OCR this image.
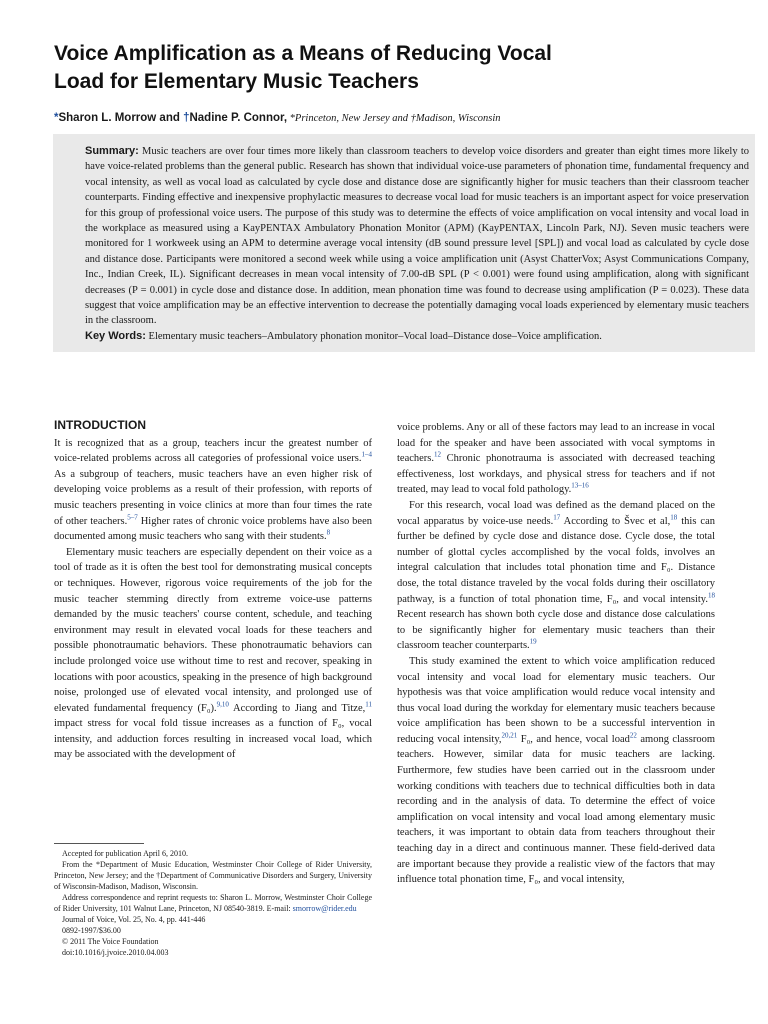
Voice Amplification as a Means of Reducing Vocal
Load for Elementary Music Teachers
*Sharon L. Morrow and †Nadine P. Connor, *Princeton, New Jersey and †Madison, Wisconsin

Summary: Music teachers are over four times more likely than classroom teachers to develop voice disorders and greater than eight times more likely to have voice-related problems than the general public. Research has shown that individual voice-use parameters of phonation time, fundamental frequency and vocal intensity, as well as vocal load as calculated by cycle dose and distance dose are significantly higher for music teachers than their classroom teacher counterparts. Finding effective and inexpensive prophylactic measures to decrease vocal load for music teachers is an important aspect for voice preservation for this group of professional voice users. The purpose of this study was to determine the effects of voice amplification on vocal intensity and vocal load in the workplace as measured using a KayPENTAX Ambulatory Phonation Monitor (APM) (KayPENTAX, Lincoln Park, NJ). Seven music teachers were monitored for 1 workweek using an APM to determine average vocal intensity (dB sound pressure level [SPL]) and vocal load as calculated by cycle dose and distance dose. Participants were monitored a second week while using a voice amplification unit (Asyst ChatterVox; Asyst Communications Company, Inc., Indian Creek, IL). Significant decreases in mean vocal intensity of 7.00-dB SPL (P < 0.001) were found using amplification, along with significant decreases (P = 0.001) in cycle dose and distance dose. In addition, mean phonation time was found to decrease using amplification (P = 0.023). These data suggest that voice amplification may be an effective intervention to decrease the potentially damaging vocal loads experienced by elementary music teachers in the classroom.

Key Words: Elementary music teachers–Ambulatory phonation monitor–Vocal load–Distance dose–Voice amplification.

INTRODUCTION

It is recognized that as a group, teachers incur the greatest number of voice-related problems across all categories of professional voice users.$^{1-4}$ As a subgroup of teachers, music teachers have an even higher risk of developing voice problems as a result of their profession, with reports of music teachers presenting in voice clinics at more than four times the rate of other teachers.$^{5-7}$ Higher rates of chronic voice problems have also been documented among music teachers who sang with their students.$^8$

Elementary music teachers are especially dependent on their voice as a tool of trade as it is often the best tool for demonstrating musical concepts or techniques. However, rigorous voice requirements of the job for the music teacher stemming directly from extreme voice-use patterns demanded by the music teachers' course content, schedule, and teaching environment may result in elevated vocal loads for these teachers and possible phonotraumatic behaviors. These phonotraumatic behaviors can include prolonged voice use without time to rest and recover, speaking in locations with poor acoustics, speaking in the presence of high background noise, prolonged use of elevated vocal intensity, and prolonged use of elevated fundamental frequency (F₀).$^{9,10}$ According to Jiang and Titze,$^{11}$ impact stress for vocal fold tissue increases as a function of F₀, vocal intensity, and adduction forces resulting in increased vocal load, which may be associated with the development of

voice problems. Any or all of these factors may lead to an increase in vocal load for the speaker and have been associated with vocal symptoms in teachers.$^{12}$ Chronic phonotrauma is associated with decreased teaching effectiveness, lost workdays, and physical stress for teachers and if not treated, may lead to vocal fold pathology.$^{13-16}$

For this research, vocal load was defined as the demand placed on the vocal apparatus by voice-use needs.$^{17}$ According to Švec et al,$^{18}$ this can further be defined by cycle dose and distance dose. Cycle dose, the total number of glottal cycles accomplished by the vocal folds, involves an integral calculation that includes total phonation time and F₀. Distance dose, the total distance traveled by the vocal folds during their oscillatory pathway, is a function of total phonation time, F₀, and vocal intensity.$^{18}$ Recent research has shown both cycle dose and distance dose calculations to be significantly higher for elementary music teachers than their classroom teacher counterparts.$^{19}$

This study examined the extent to which voice amplification reduced vocal intensity and vocal load for elementary music teachers. Our hypothesis was that voice amplification would reduce vocal intensity and thus vocal load during the workday for elementary music teachers because voice amplification has been shown to be a successful intervention in reducing vocal intensity,$^{20,21}$ F₀, and hence, vocal load$^{22}$ among classroom teachers. However, similar data for music teachers are lacking. Furthermore, few studies have been carried out in the classroom under working conditions with teachers due to technical difficulties both in data recording and in the analysis of data. To determine the effect of voice amplification on vocal intensity and vocal load among elementary music teachers, it was important to obtain data from teachers throughout their teaching day in a direct and continuous manner. These field-derived data are important because they provide a realistic view of the factors that may influence total phonation time, F₀, and vocal intensity,

Accepted for publication April 6, 2010.

From the *Department of Music Education, Westminster Choir College of Rider University, Princeton, New Jersey; and the †Department of Communicative Disorders and Surgery, University of Wisconsin-Madison, Madison, Wisconsin.

Address correspondence and reprint requests to: Sharon L. Morrow, Westminster Choir College of Rider University, 101 Walnut Lane, Princeton, NJ 08540-3819. E-mail: smorrow@rider.edu

Journal of Voice, Vol. 25, No. 4, pp. 441-446

0892-1997/$36.00

© 2011 The Voice Foundation

doi:10.1016/j.jvoice.2010.04.003
